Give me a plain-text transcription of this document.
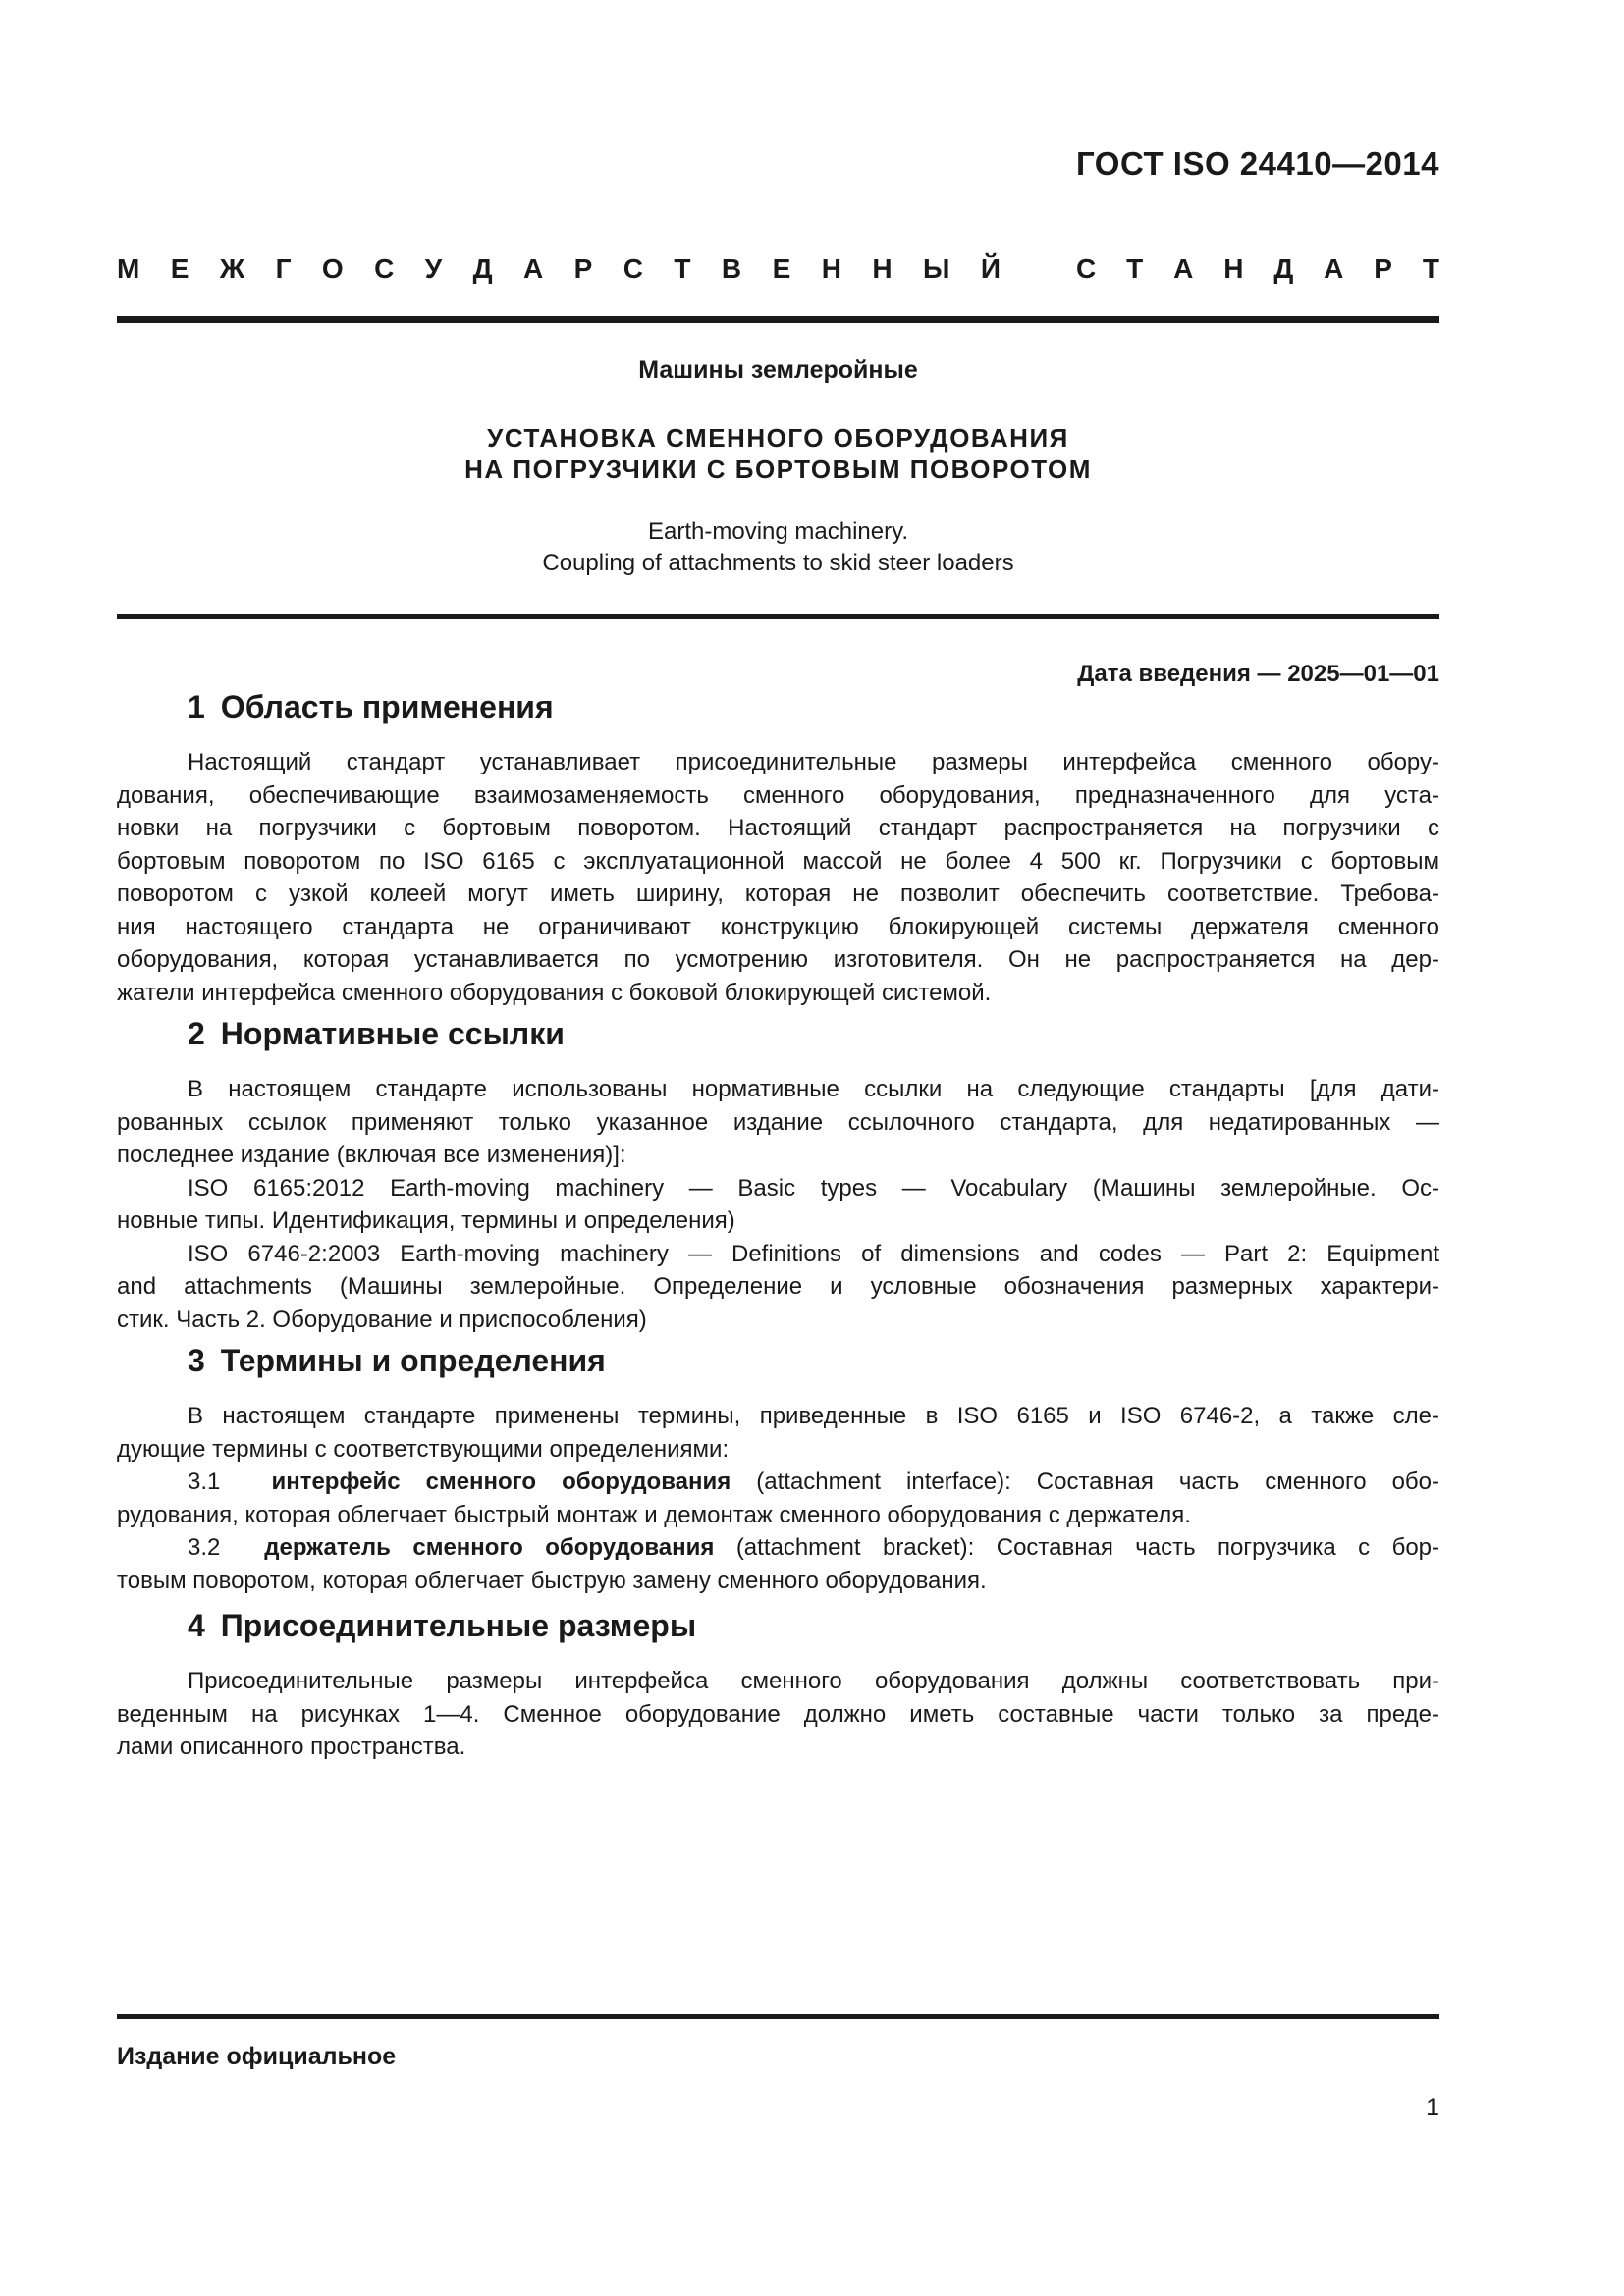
ГОСТ ISO 24410—2014
М Е Ж Г О С У Д А Р С Т В Е Н Н Ы Й	С Т А Н Д А Р Т
Машины землеройные
УСТАНОВКА СМЕННОГО ОБОРУДОВАНИЯ
НА ПОГРУЗЧИКИ С БОРТОВЫМ ПОВОРОТОМ
Earth-moving machinery.
Coupling of attachments to skid steer loaders
Дата введения — 2025—01—01
1 Область применения
Настоящий стандарт устанавливает присоединительные размеры интерфейса сменного обору-
дования, обеспечивающие взаимозаменяемость сменного оборудования, предназначенного для уста-
новки на погрузчики с бортовым поворотом. Настоящий стандарт распространяется на погрузчики с
бортовым поворотом по ISO 6165 с эксплуатационной массой не более 4 500 кг. Погрузчики с бортовым
поворотом с узкой колеей могут иметь ширину, которая не позволит обеспечить соответствие. Требова-
ния настоящего стандарта не ограничивают конструкцию блокирующей системы держателя сменного
оборудования, которая устанавливается по усмотрению изготовителя. Он не распространяется на дер-
жатели интерфейса сменного оборудования с боковой блокирующей системой.
2 Нормативные ссылки
В настоящем стандарте использованы нормативные ссылки на следующие стандарты [для дати-
рованных ссылок применяют только указанное издание ссылочного стандарта, для недатированных —
последнее издание (включая все изменения)]:
ISO 6165:2012 Earth-moving machinery — Basic types — Vocabulary (Машины землеройные. Ос-
новные типы. Идентификация, термины и определения)
ISO 6746-2:2003 Earth-moving machinery — Definitions of dimensions and codes — Part 2: Equipment
and attachments (Машины землеройные. Определение и условные обозначения размерных характери-
стик. Часть 2. Оборудование и приспособления)
3 Термины и определения
В настоящем стандарте применены термины, приведенные в ISO 6165 и ISO 6746-2, а также сле-
дующие термины с соответствующими определениями:
3.1 интерфейс сменного оборудования (attachment interface): Составная часть сменного обо-
рудования, которая облегчает быстрый монтаж и демонтаж сменного оборудования с держателя.
3.2 держатель сменного оборудования (attachment bracket): Составная часть погрузчика с бор-
товым поворотом, которая облегчает быструю замену сменного оборудования.
4 Присоединительные размеры
Присоединительные размеры интерфейса сменного оборудования должны соответствовать при-
веденным на рисунках 1—4. Сменное оборудование должно иметь составные части только за преде-
лами описанного пространства.
Издание официальное
1
